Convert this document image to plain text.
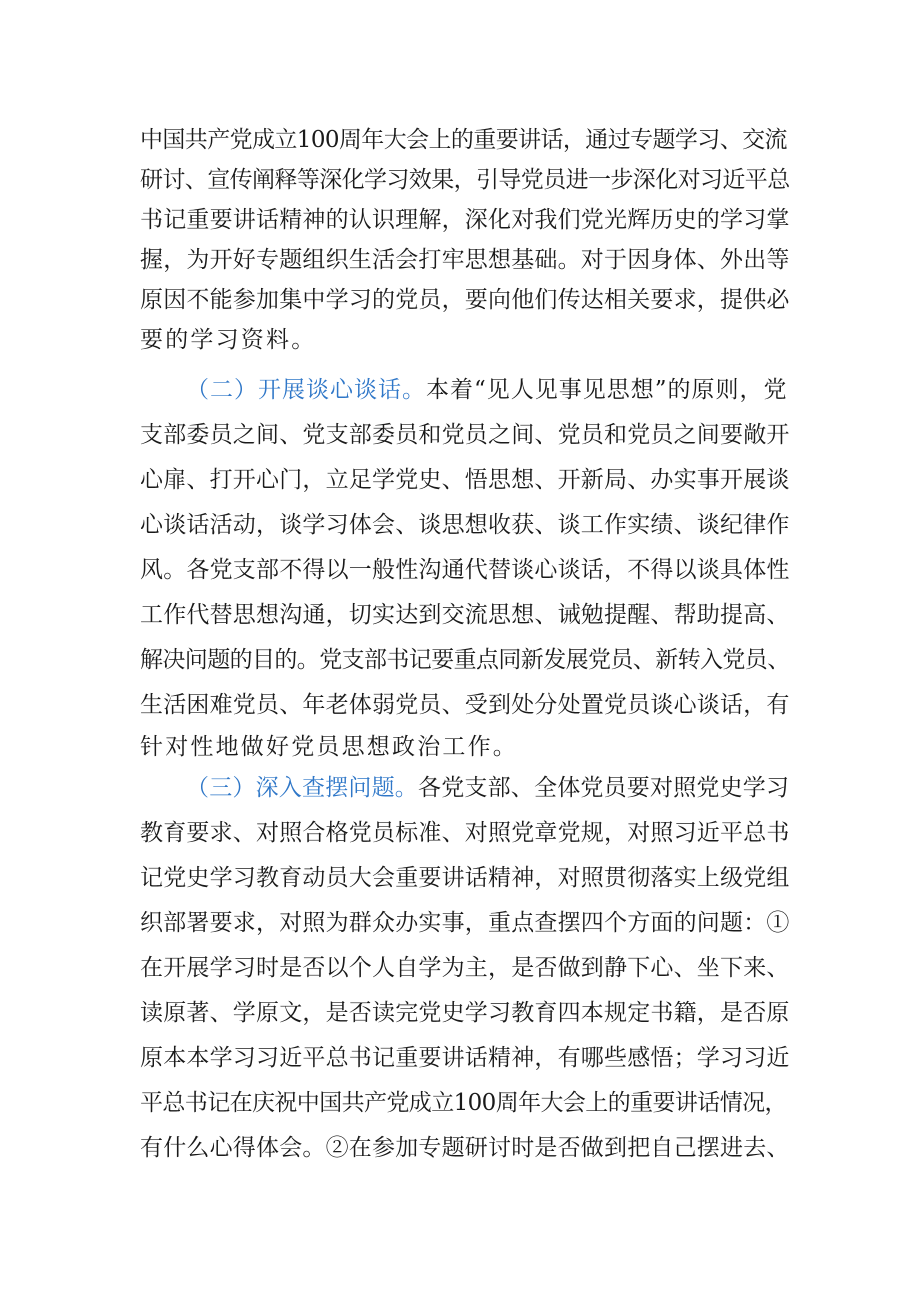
中国共产党成立100周年大会上的重要讲话，通过专题学习、交流
研讨、宣传阐释等深化学习效果，引导党员进一步深化对习近平总
书记重要讲话精神的认识理解，深化对我们党光辉历史的学习掌
握，为开好专题组织生活会打牢思想基础。对于因身体、外出等
原因不能参加集中学习的党员，要向他们传达相关要求，提供必
要的学习资料。
（二）开展谈心谈话。本着“见人见事见思想”的原则，党
支部委员之间、党支部委员和党员之间、党员和党员之间要敞开
心扉、打开心门，立足学党史、悟思想、开新局、办实事开展谈
心谈话活动，谈学习体会、谈思想收获、谈工作实绩、谈纪律作
风。各党支部不得以一般性沟通代替谈心谈话，不得以谈具体性
工作代替思想沟通，切实达到交流思想、诫勉提醒、帮助提高、
解决问题的目的。党支部书记要重点同新发展党员、新转入党员、
生活困难党员、年老体弱党员、受到处分处置党员谈心谈话，有
针对性地做好党员思想政治工作。
（三）深入查摆问题。各党支部、全体党员要对照党史学习
教育要求、对照合格党员标准、对照党章党规，对照习近平总书
记党史学习教育动员大会重要讲话精神，对照贯彻落实上级党组
织部署要求，对照为群众办实事，重点查摆四个方面的问题：①
在开展学习时是否以个人自学为主，是否做到静下心、坐下来、
读原著、学原文，是否读完党史学习教育四本规定书籍，是否原
原本本学习习近平总书记重要讲话精神，有哪些感悟；学习习近
平总书记在庆祝中国共产党成立100周年大会上的重要讲话情况，
有什么心得体会。②在参加专题研讨时是否做到把自己摆进去、
